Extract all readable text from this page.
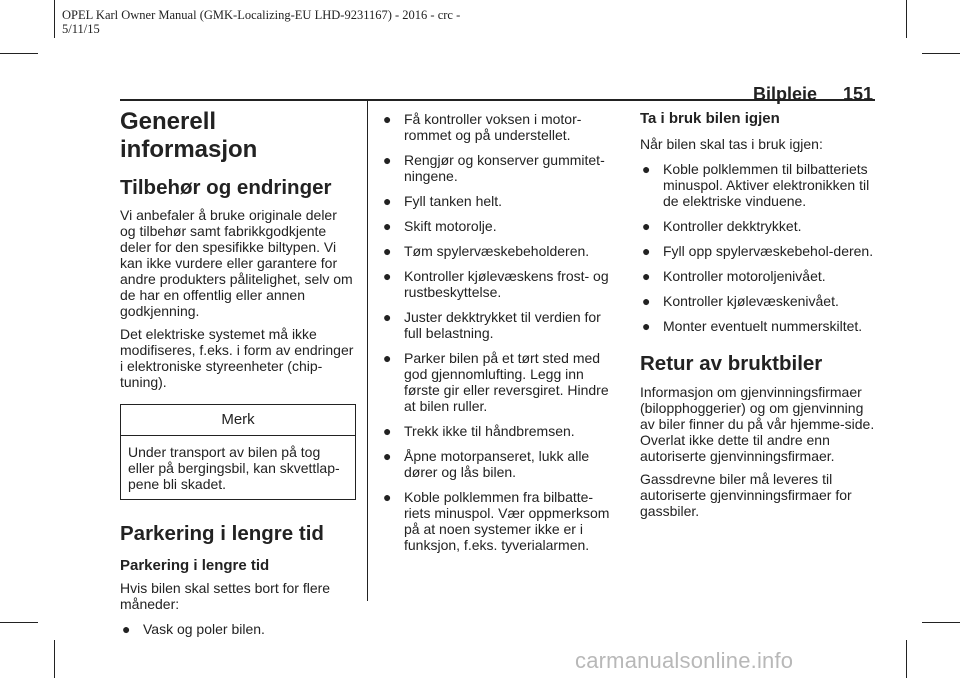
OPEL Karl Owner Manual (GMK-Localizing-EU LHD-9231167) - 2016 - crc -
5/11/15
Bilpleie 151

Generell informasjon

Tilbehør og endringer

Vi anbefaler å bruke originale deler og tilbehør samt fabrikkgodkjente deler for den spesifikke biltypen. Vi kan ikke vurdere eller garantere for andre produkters pålitelighet, selv om de har en offentlig eller annen godkjenning.

Det elektriske systemet må ikke modifiseres, f.eks. i form av endringer i elektroniske styreenheter (chip-tuning).

Merk
Under transport av bilen på tog eller på bergingsbil, kan skvettlap-pene bli skadet.

Parkering i lengre tid

Parkering i lengre tid

Hvis bilen skal settes bort for flere måneder:

● Vask og poler bilen.
● Få kontroller voksen i motor-rommet og på understellet.
● Rengjør og konserver gummitet-ningene.
● Fyll tanken helt.
● Skift motorolje.
● Tøm spylervæskebeholderen.
● Kontroller kjølevæskens frost- og rustbeskyttelse.
● Juster dekktrykket til verdien for full belastning.
● Parker bilen på et tørt sted med god gjennomlufting. Legg inn første gir eller reversgiret. Hindre at bilen ruller.
● Trekk ikke til håndbremsen.
● Åpne motorpanseret, lukk alle dører og lås bilen.
● Koble polklemmen fra bilbatte-riets minuspol. Vær oppmerksom på at noen systemer ikke er i funksjon, f.eks. tyverialarmen.

Ta i bruk bilen igjen

Når bilen skal tas i bruk igjen:

● Koble polklemmen til bilbatteriets minuspol. Aktiver elektronikken til de elektriske vinduene.
● Kontroller dekktrykket.
● Fyll opp spylervæskebehol-deren.
● Kontroller motoroljenivået.
● Kontroller kjølevæskenivået.
● Monter eventuelt nummerskiltet.

Retur av bruktbiler

Informasjon om gjenvinningsfirmaer (bilopphoggerier) og om gjenvinning av biler finner du på vår hjemme-side. Overlat ikke dette til andre enn autoriserte gjenvinningsfirmaer.

Gassdrevne biler må leveres til autoriserte gjenvinningsfirmaer for gassbiler.

carmanualsonline.info
